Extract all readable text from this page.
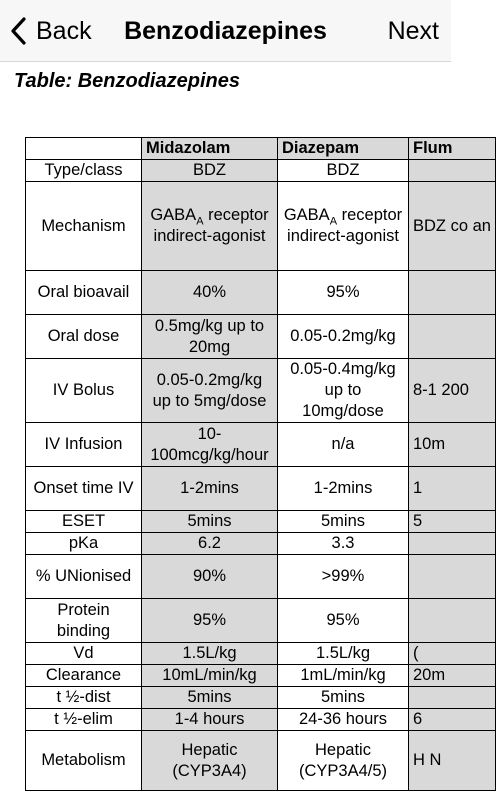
Back	Benzodiazepines	Next
Table: Benzodiazepines
	Midazolam	Diazepam	Flum
Type/class	BDZ	BDZ	
Mechanism	$GABA_A$ receptor indirect-agonist	$GABA_A$ receptor indirect-agonist	BDZ co an
Oral bioavail	40%	95%	
Oral dose	0.5mg/kg up to 20mg	0.05-0.2mg/kg	
IV Bolus	0.05-0.2mg/kg up to 5mg/dose	0.05-0.4mg/kg up to 10mg/dose	8-1 200
IV Infusion	10-100mcg/kg/hour	n/a	10m
Onset time IV	1-2mins	1-2mins	1
ESET	5mins	5mins	5
pKa	6.2	3.3	
% UNionised	90%	>99%	
Protein binding	95%	95%	
Vd	1.5L/kg	1.5L/kg	(
Clearance	10mL/min/kg	1mL/min/kg	20m
t ½-dist	5mins	5mins	
t ½-elim	1-4 hours	24-36 hours	6
Metabolism	Hepatic (CYP3A4)	Hepatic (CYP3A4/5)	H N
